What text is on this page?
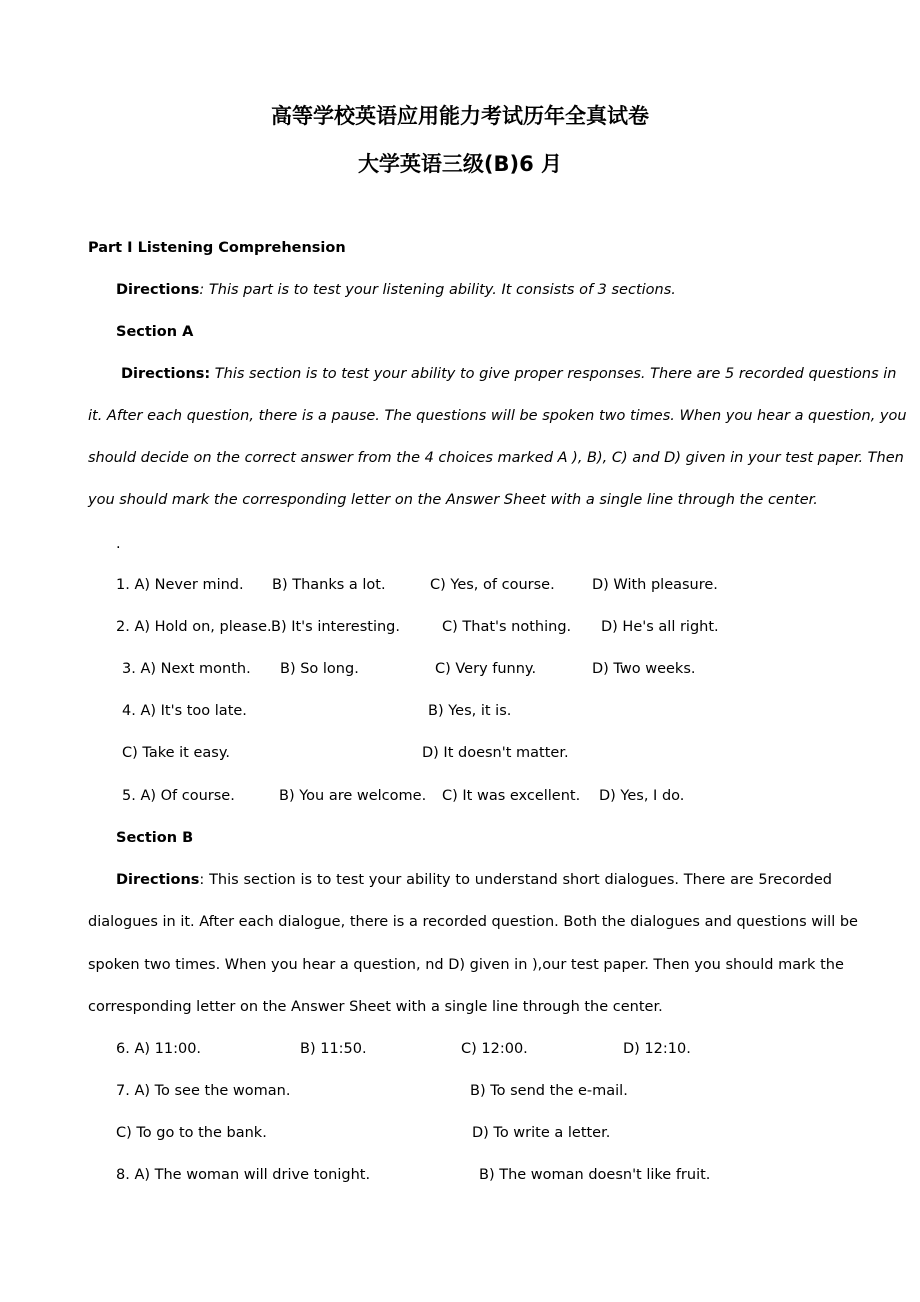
高等学校英语应用能力考试历年全真试卷
大学英语三级(B)6 月
Part Ⅰ Listening Comprehension
Directions: This part is to test your listening ability. It consists of 3 sections.
Section A
Directions: This section is to test your ability to give proper responses. There are 5 recorded questions in
it. After each question, there is a pause. The questions will be spoken two times. When you hear a question, you
should decide on the correct answer from the 4 choices marked A ), B), C) and D) given in your test paper. Then
you should mark the corresponding letter on the Answer Sheet with a single line through the center.
.
1. A) Never mind. B) Thanks a lot.	C) Yes, of course.	D) With pleasure.
2. A) Hold on, please. B) It's interesting.	C) That's nothing. D) He's all right.
3. A) Next month. B) So long.	C) Very funny.	D) Two weeks.
4. A) It's too late.	B) Yes, it is.
C) Take it easy.	D) It doesn't matter.
5. A) Of course.	B) You are welcome. C) It was excellent. D) Yes, I do.
Section B
Directions: This section is to test your ability to understand short dialogues. There are 5recorded
dialogues in it. After each dialogue, there is a recorded question. Both the dialogues and questions will be
spoken two times. When you hear a question, nd D) given in ),our test paper. Then you should mark the
corresponding letter on the Answer Sheet with a single line through the center.
6. A) 11:00.	B) 11:50.	C) 12:00.	D) 12:10.
7. A) To see the woman.	B) To send the e-mail.
C) To go to the bank.	D) To write a letter.
8. A) The woman will drive tonight.	B) The woman doesn't like fruit.
